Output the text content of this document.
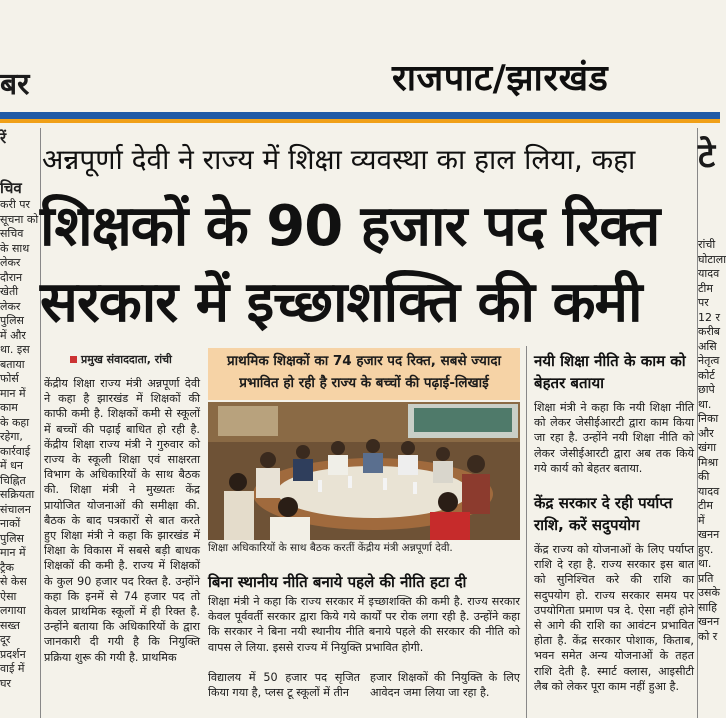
बर	राजपाट/झारखंड
रें
चिव
करी पर
सूचना को
सचिव
के साथ
लेकर
दौरान
खेती
लेकर
पुलिस
में और
था. इस
बताया
फोर्स
मान में
काम
के कहा
रहेगा,
कार्रवाई
में धन
चिह्नित
सक्रियता
संचालन
नाकों
पुलिस
मान में
ट्रैक
से केस
ऐसा
लगाया
सख्त
दूर
प्रदर्शन
वाई में
घर
अन्नपूर्णा देवी ने राज्य में शिक्षा व्यवस्था का हाल लिया, कहा
शिक्षकों के 90 हजार पद रिक्त
सरकार में इच्छाशक्ति की कमी
प्रमुख संवाददाता, रांची
केंद्रीय शिक्षा राज्य मंत्री अन्नपूर्णा देवी ने कहा है झारखंड में शिक्षकों की काफी कमी है. शिक्षकों कमी से स्कूलों में बच्चों की पढ़ाई बाधित हो रही है. केंद्रीय शिक्षा राज्य मंत्री ने गुरुवार को राज्य के स्कूली शिक्षा एवं साक्षरता विभाग के अधिकारियों के साथ बैठक की. शिक्षा मंत्री ने मुख्यतः केंद्र प्रायोजित योजनाओं की समीक्षा की. बैठक के बाद पत्रकारों से बात करते हुए शिक्षा मंत्री ने कहा कि झारखंड में शिक्षा के विकास में सबसे बड़ी बाधक शिक्षकों की कमी है. राज्य में शिक्षकों के कुल 90 हजार पद रिक्त है. उन्होंने कहा कि इनमें से 74 हजार पद तो केवल प्राथमिक स्कूलों में ही रिक्त है. उन्होंने बताया कि अधिकारियों के द्वारा जानकारी दी गयी है कि नियुक्ति प्रक्रिया शुरू की गयी है. प्राथमिक
प्राथमिक शिक्षकों का 74 हजार पद रिक्त, सबसे ज्यादा प्रभावित हो रही है राज्य के बच्चों की पढ़ाई-लिखाई
शिक्षा अधिकारियों के साथ बैठक करतीं केंद्रीय मंत्री अन्नपूर्णा देवी.
बिना स्थानीय नीति बनाये पहले की नीति हटा दी
शिक्षा मंत्री ने कहा कि राज्य सरकार में इच्छाशक्ति की कमी है. राज्य सरकार केवल पूर्ववर्ती सरकार द्वारा किये गये कार्यों पर रोक लगा रही है. उन्होंने कहा कि सरकार ने बिना नयी स्थानीय नीति बनाये पहले की सरकार की नीति को वापस ले लिया. इससे राज्य में नियुक्ति प्रभावित होगी.
विद्यालय में 50 हजार पद सृजित किया गया है, प्लस टू स्कूलों में तीन
हजार शिक्षकों की नियुक्ति के लिए आवेदन जमा लिया जा रहा है.
नयी शिक्षा नीति के काम को बेहतर बताया
शिक्षा मंत्री ने कहा कि नयी शिक्षा नीति को लेकर जेसीईआरटी द्वारा काम किया जा रहा है. उन्होंने नयी शिक्षा नीति को लेकर जेसीईआरटी द्वारा अब तक किये गये कार्य को बेहतर बताया.
केंद्र सरकार दे रही पर्याप्त राशि, करें सदुपयोग
केंद्र राज्य को योजनाओं के लिए पर्याप्त राशि दे रहा है. राज्य सरकार इस बात को सुनिश्चित करे की राशि का सदुपयोग हो. राज्य सरकार समय पर उपयोगिता प्रमाण पत्र दे. ऐसा नहीं होने से आगे की राशि का आवंटन प्रभावित होता है. केंद्र सरकार पोशाक, किताब, भवन समेत अन्य योजनाओं के तहत राशि देती है. स्मार्ट क्लास, आइसीटी लैब को लेकर पूरा काम नहीं हुआ है.
टे
रांची
घोटाला
यादव
टीम
पर
12 र
करीब
असि
नेतृत्व
कोर्ट
छापे
था.
निका
और
खंगा
मिश्रा
की
यादव
टीम
में
खनन
हुए.
था.
प्रति
उसके
साहि
खनन
को र
